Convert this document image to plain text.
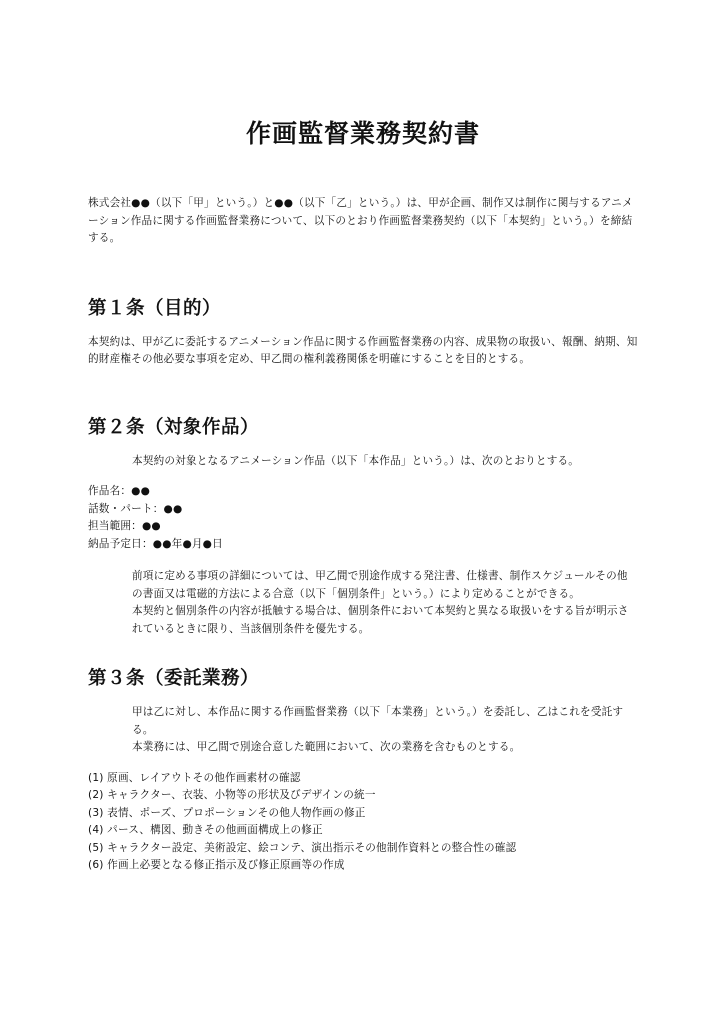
作画監督業務契約書

株式会社●●（以下「甲」という。）と●●（以下「乙」という。）は、甲が企画、制作又は制作に関与するアニメーション作品に関する作画監督業務について、以下のとおり作画監督業務契約（以下「本契約」という。）を締結する。

第１条（目的）

本契約は、甲が乙に委託するアニメーション作品に関する作画監督業務の内容、成果物の取扱い、報酬、納期、知的財産権その他必要な事項を定め、甲乙間の権利義務関係を明確にすることを目的とする。

第２条（対象作品）

本契約の対象となるアニメーション作品（以下「本作品」という。）は、次のとおりとする。

作品名：●●
話数・パート：●●
担当範囲：●●
納品予定日：●●年●月●日

前項に定める事項の詳細については、甲乙間で別途作成する発注書、仕様書、制作スケジュールその他の書面又は電磁的方法による合意（以下「個別条件」という。）により定めることができる。

本契約と個別条件の内容が抵触する場合は、個別条件において本契約と異なる取扱いをする旨が明示されているときに限り、当該個別条件を優先する。

第３条（委託業務）

甲は乙に対し、本作品に関する作画監督業務（以下「本業務」という。）を委託し、乙はこれを受託する。

本業務には、甲乙間で別途合意した範囲において、次の業務を含むものとする。

(1) 原画、レイアウトその他作画素材の確認
(2) キャラクター、衣装、小物等の形状及びデザインの統一
(3) 表情、ポーズ、プロポーションその他人物作画の修正
(4) パース、構図、動きその他画面構成上の修正
(5) キャラクター設定、美術設定、絵コンテ、演出指示その他制作資料との整合性の確認
(6) 作画上必要となる修正指示及び修正原画等の作成
